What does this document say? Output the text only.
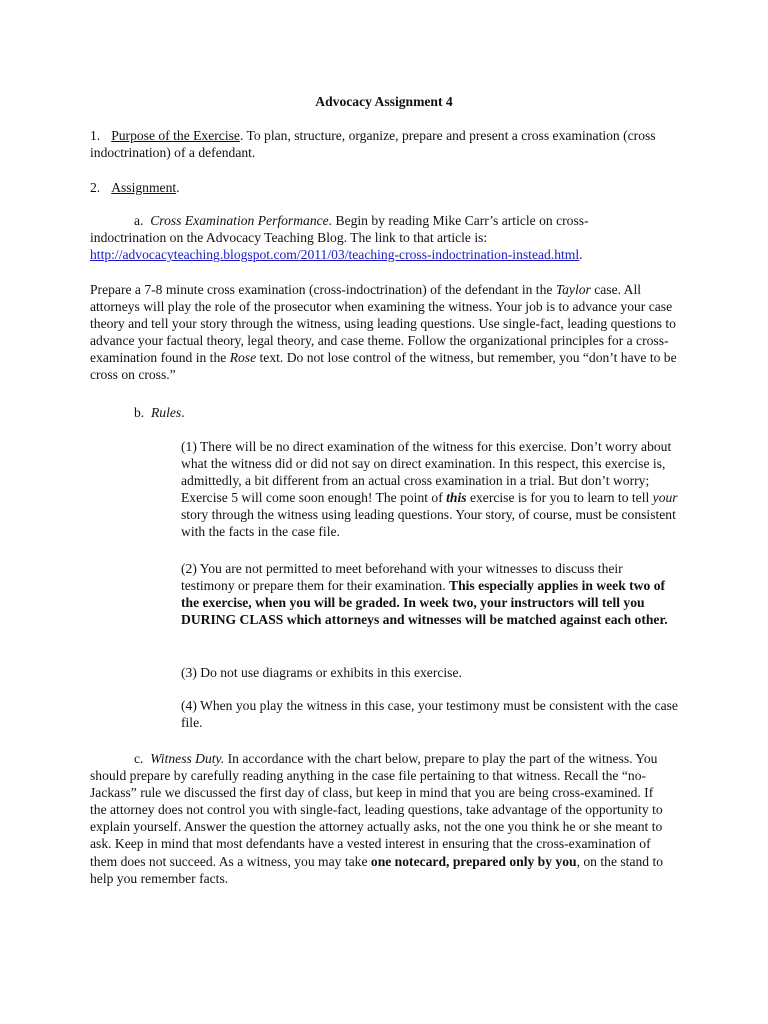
Advocacy Assignment 4

1. Purpose of the Exercise. To plan, structure, organize, prepare and present a cross examination (cross indoctrination) of a defendant.

2. Assignment.

a. Cross Examination Performance. Begin by reading Mike Carr’s article on cross-indoctrination on the Advocacy Teaching Blog. The link to that article is: http://advocacyteaching.blogspot.com/2011/03/teaching-cross-indoctrination-instead.html.

Prepare a 7-8 minute cross examination (cross-indoctrination) of the defendant in the Taylor case. All attorneys will play the role of the prosecutor when examining the witness. Your job is to advance your case theory and tell your story through the witness, using leading questions. Use single-fact, leading questions to advance your factual theory, legal theory, and case theme. Follow the organizational principles for a cross-examination found in the Rose text. Do not lose control of the witness, but remember, you “don’t have to be cross on cross.”

b. Rules.

(1) There will be no direct examination of the witness for this exercise. Don’t worry about what the witness did or did not say on direct examination. In this respect, this exercise is, admittedly, a bit different from an actual cross examination in a trial. But don’t worry; Exercise 5 will come soon enough! The point of this exercise is for you to learn to tell your story through the witness using leading questions. Your story, of course, must be consistent with the facts in the case file.

(2) You are not permitted to meet beforehand with your witnesses to discuss their testimony or prepare them for their examination. This especially applies in week two of the exercise, when you will be graded. In week two, your instructors will tell you DURING CLASS which attorneys and witnesses will be matched against each other.

(3) Do not use diagrams or exhibits in this exercise.

(4) When you play the witness in this case, your testimony must be consistent with the case file.

c. Witness Duty. In accordance with the chart below, prepare to play the part of the witness. You should prepare by carefully reading anything in the case file pertaining to that witness. Recall the “no-Jackass” rule we discussed the first day of class, but keep in mind that you are being cross-examined. If the attorney does not control you with single-fact, leading questions, take advantage of the opportunity to explain yourself. Answer the question the attorney actually asks, not the one you think he or she meant to ask. Keep in mind that most defendants have a vested interest in ensuring that the cross-examination of them does not succeed. As a witness, you may take one notecard, prepared only by you, on the stand to help you remember facts.
